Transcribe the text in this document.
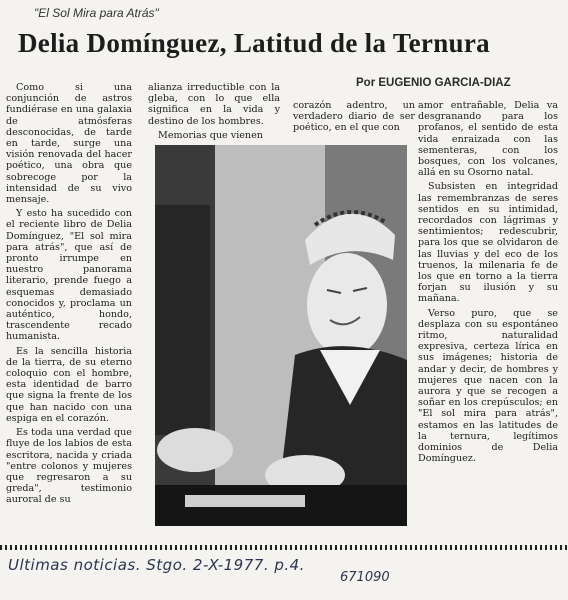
"El Sol Mira para Atrás"
Delia Domínguez, Latitud de la Ternura
Por EUGENIO GARCIA-DIAZ

Como si una conjunción de astros fundiérase en una galaxia de atmósferas desconocidas, de tarde en tarde, surge una visión renovada del hacer poético, una obra que sobrecoge por la intensidad de su vivo mensaje.

Y esto ha sucedido con el reciente libro de Delia Domínguez, "El sol mira para atrás", que así de pronto irrumpe en nuestro panorama literario, prende fuego a esquemas demasiado conocidos y, proclama un auténtico, hondo, trascendente recado humanista.

Es la sencilla historia de la tierra, de su eterno coloquio con el hombre, esta identidad de barro que signa la frente de los que han nacido con una espiga en el corazón.

Es toda una verdad que fluye de los labios de esta escritora, nacida y criada "entre colonos y mujeres que regresaron a su greda", testimonio auroral de su

alianza irreductible con la gleba, con lo que ella significa en la vida y destino de los hombres.

Memorias que vienen

corazón adentro, un verdadero diario de ser poético, en el que con

amor entrañable, Delia va desgranando para los profanos, el sentido de esta vida enraizada con las sementeras, con los bosques, con los volcanes, allá en su Osorno natal.

Subsisten en integridad las remembranzas de seres sentidos en su intimidad, recordados con lágrimas y sentimientos; redescubrir, para los que se olvidaron de las lluvias y del eco de los truenos, la milenaria fe de los que en torno a la tierra forjan su ilusión y su mañana.

Verso puro, que se desplaza con su espontáneo ritmo, naturalidad expresiva, certeza lírica en sus imágenes; historia de andar y decir, de hombres y mujeres que nacen con la aurora y que se recogen a soñar en los crepúsculos; en "El sol mira para atrás", estamos en las latitudes de la ternura, legítimos dominios de Delia Domínguez.

Ultimas noticias. Stgo. 2-X-1977. p.4.
671090
